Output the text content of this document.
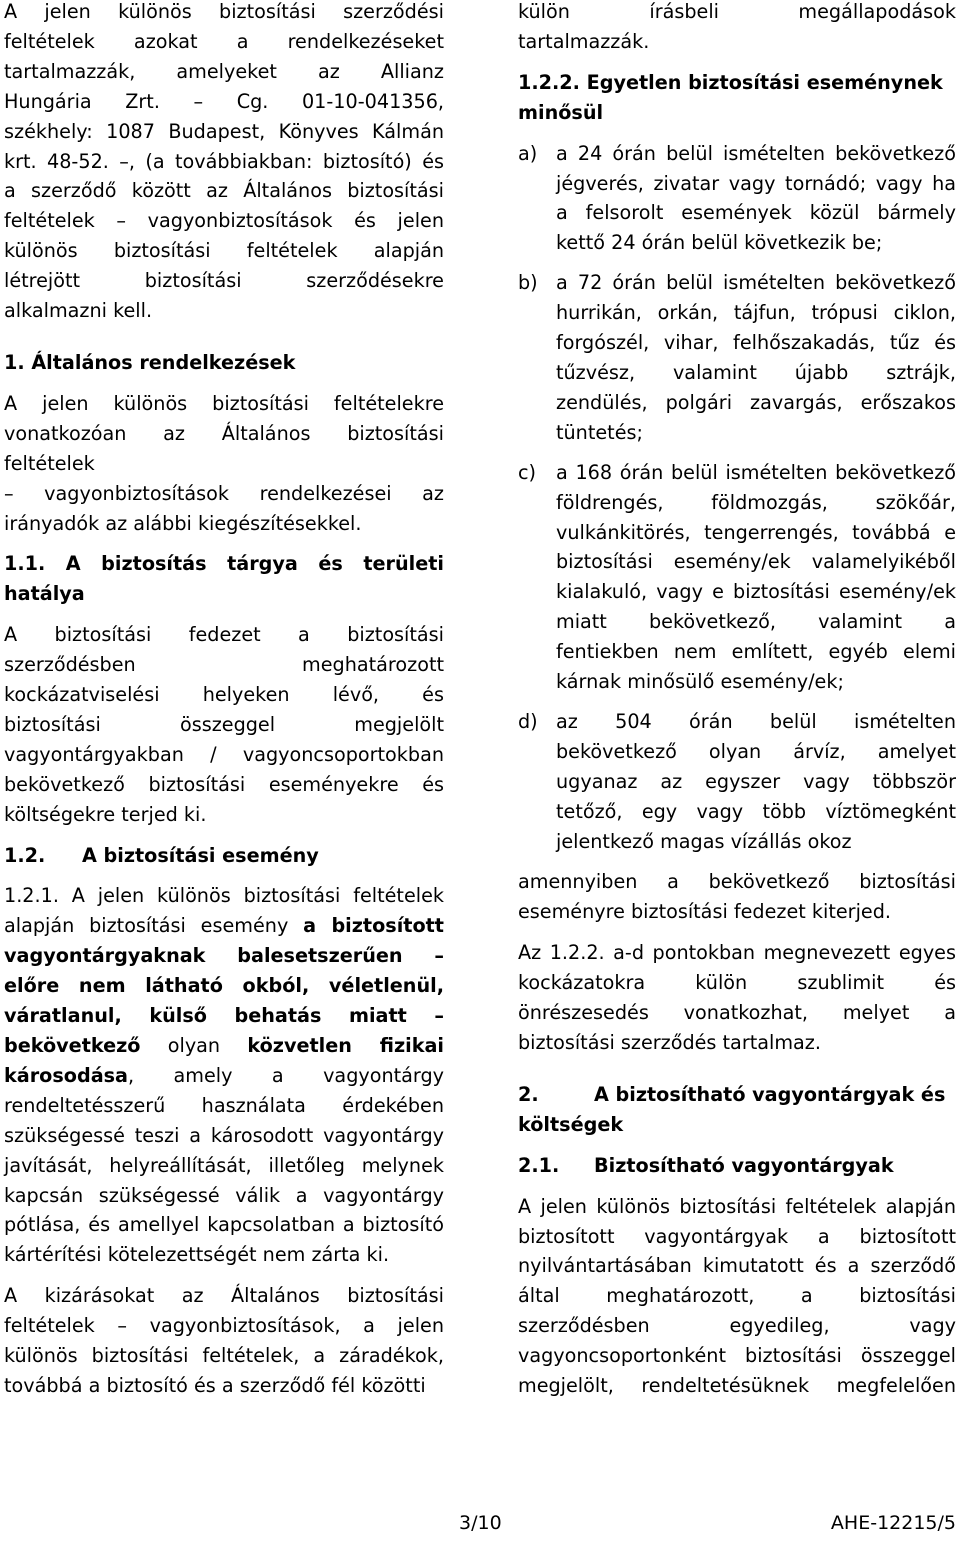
A jelen különös biztosítási szerződési

feltételek azokat a rendelkezéseket

tartalmazzák, amelyeket az Allianz

Hungária Zrt. – Cg. 01-10-041356,

székhely: 1087 Budapest, Könyves Kálmán

krt. 48-52. –, (a továbbiakban: biztosító) és

a szerződő között az Általános biztosítási

feltételek – vagyonbiztosítások és jelen

különös biztosítási feltételek alapján

létrejött biztosítási szerződésekre

alkalmazni kell.

1. Általános rendelkezések

A jelen különös biztosítási feltételekre

vonatkozóan az Általános biztosítási feltételek

– vagyonbiztosítások rendelkezései az

irányadók az alábbi kiegészítésekkel.

1.1. A biztosítás tárgya és területi

hatálya

A biztosítási fedezet a biztosítási

szerződésben meghatározott

kockázatviselési helyeken lévő, és

biztosítási összeggel megjelölt

vagyontárgyakban / vagyoncsoportokban

bekövetkező biztosítási eseményekre és

költségekre terjed ki.

1.2. A biztosítási esemény

1.2.1. A jelen különös biztosítási feltételek alapján biztosítási esemény a biztosított vagyontárgyaknak balesetszerűen – előre nem látható okból, véletlenül, váratlanul, külső behatás miatt – bekövetkező olyan közvetlen fizikai károsodása, amely a vagyontárgy rendeltetésszerű használata érdekében szükségessé teszi a károsodott vagyontárgy javítását, helyreállítását, illetőleg melynek kapcsán szükségessé válik a vagyontárgy pótlása, és amellyel kapcsolatban a biztosító kártérítési kötelezettségét nem zárta ki.

A kizárásokat az Általános biztosítási

feltételek – vagyonbiztosítások, a jelen

különös biztosítási feltételek, a záradékok,

továbbá a biztosító és a szerződő fél közötti

külön írásbeli megállapodások

tartalmazzák.

1.2.2. Egyetlen biztosítási eseménynek

minősül

a) a 24 órán belül ismételten bekövetkező jégverés, zivatar vagy tornádó; vagy ha a felsorolt események közül bármely kettő 24 órán belül következik be;
b) a 72 órán belül ismételten bekövetkező hurrikán, orkán, tájfun, trópusi ciklon, forgószél, vihar, felhőszakadás, tűz és tűzvész, valamint újabb sztrájk, zendülés, polgári zavargás, erőszakos tüntetés;
c)	a 168 órán belül ismételten bekövetkező földrengés, földmozgás, szökőár, vulkánkitörés, tengerrengés, továbbá e biztosítási esemény/ek valamelyikéből kialakuló, vagy e biztosítási esemény/ek miatt bekövetkező, valamint a fentiekben nem említett, egyéb elemi kárnak minősülő esemény/ek;
d) az 504 órán belül ismételten bekövetkező olyan árvíz, amelyet ugyanaz az egyszer vagy többször tetőző, egy vagy több víztömegként jelentkező magas vízállás okoz

amennyiben a bekövetkező biztosítási eseményre biztosítási fedezet kiterjed.

Az 1.2.2. a-d pontokban megnevezett egyes kockázatokra külön szublimit és önrészesedés vonatkozhat, melyet a biztosítási szerződés tartalmaz.

2.	A biztosítható vagyontárgyak és

költségek

2.1. Biztosítható vagyontárgyak

A jelen különös biztosítási feltételek alapján

biztosított vagyontárgyak a biztosított

nyilvántartásában kimutatott és a szerződő

által meghatározott, a biztosítási

szerződésben egyedileg, vagy

vagyoncsoportonként biztosítási összeggel

megjelölt, rendeltetésüknek megfelelően

3/10	AHE-12215/5
